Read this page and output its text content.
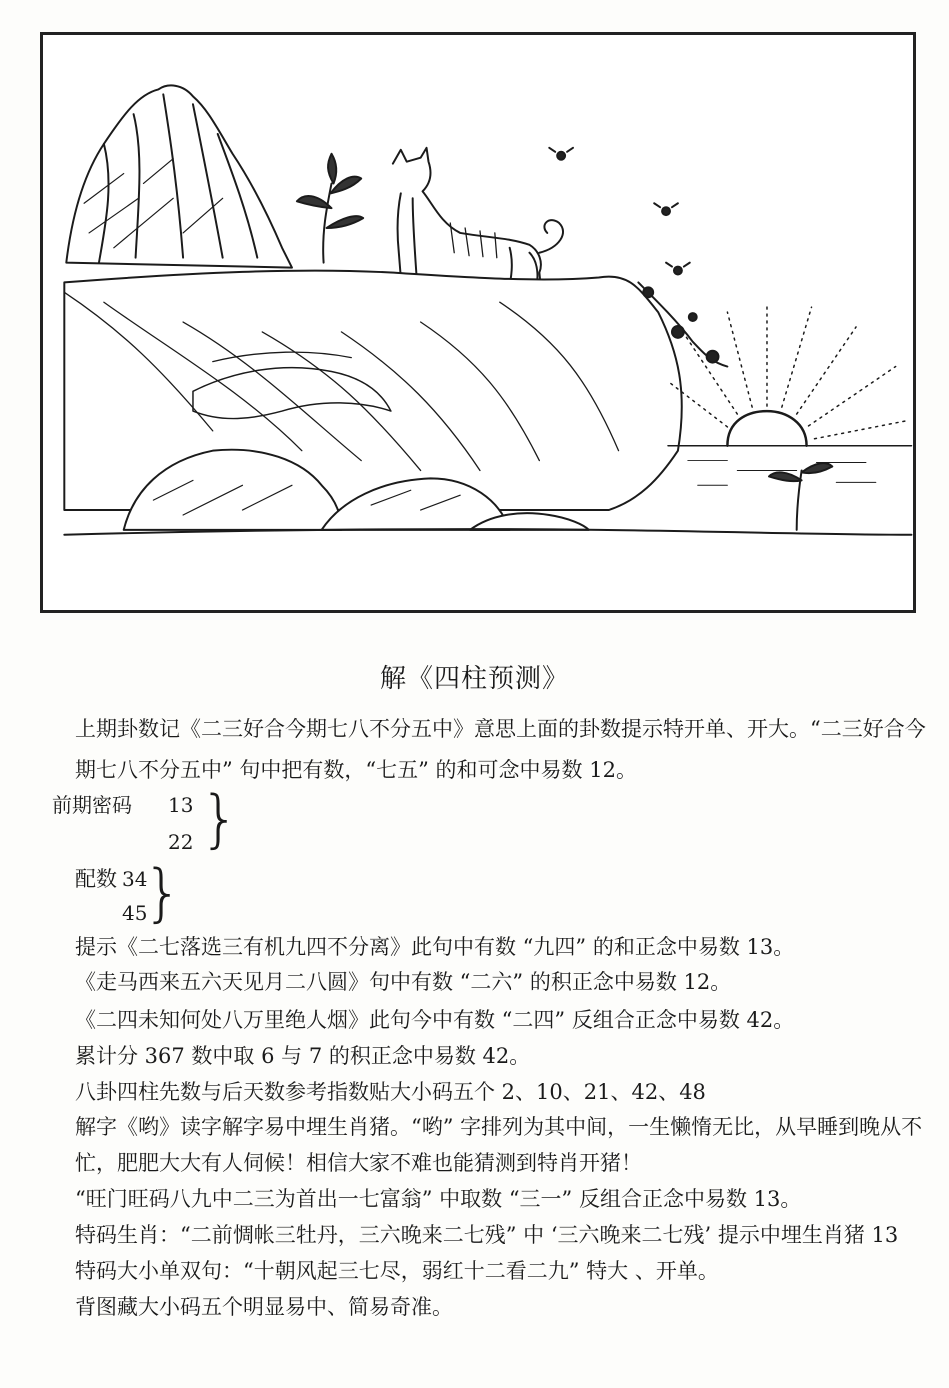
解《四柱预测》
上期卦数记《二三好合今期七八不分五中》意思上面的卦数提示特开单、开大。“二三好合今
期七八不分五中” 句中把有数，“七五” 的和可念中易数 12。
前期密码 13
22 }
配数 34
45
}
提示《二七落选三有机九四不分离》此句中有数 “九四” 的和正念中易数 13。
《走马西来五六天见月二八圆》句中有数 “二六” 的积正念中易数 12。
《二四未知何处八万里绝人烟》此句今中有数 “二四” 反组合正念中易数 42。
累计分 367 数中取 6 与 7 的积正念中易数 42。
八卦四柱先数与后天数参考指数贴大小码五个 2、10、21、42、48
解字《哟》读字解字易中埋生肖猪。“哟” 字排列为其中间，一生懒惰无比，从早睡到晚从不
忙，肥肥大大有人伺候！相信大家不难也能猜测到特肖开猪！
“旺门旺码八九中二三为首出一七富翁” 中取数 “三一” 反组合正念中易数 13。
特码生肖：“二前惆帐三牡丹，三六晚来二七残” 中 ‘三六晚来二七残’ 提示中埋生肖猪 13
特码大小单双句：“十朝风起三七尽，弱红十二看二九” 特大 、开单。
背图藏大小码五个明显易中、简易奇准。
